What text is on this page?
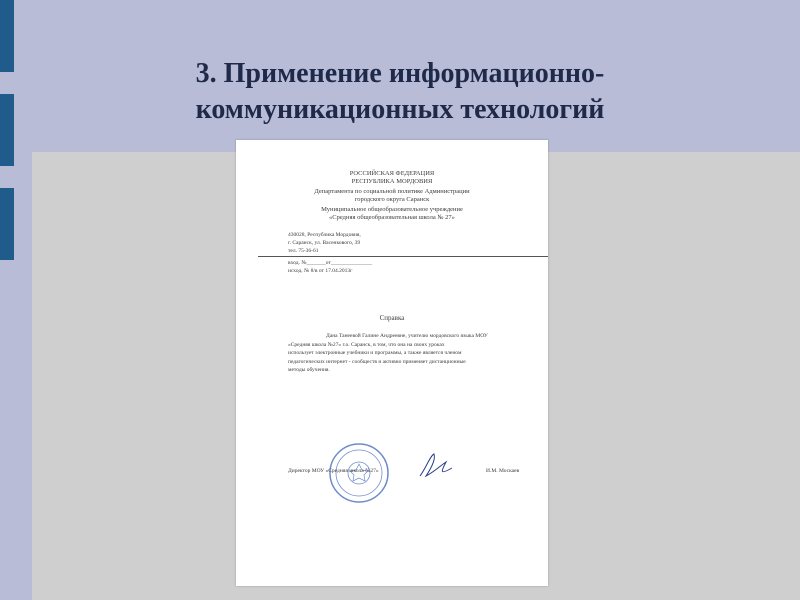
3. Применение информационно-
коммуникационных технологий
РОССИЙСКАЯ ФЕДЕРАЦИЯ
РЕСПУБЛИКА МОРДОВИЯ
Департамента по социальной политике Администрации
городского округа Саранск
Муниципальное общеобразовательное учреждение
«Средняя общеобразовательная школа № 27»
430028, Республика Мордовия,
г. Саранск, ул. Васенкового, 39
тел. 75-36-61
вход. №_______от_______________
исход. № 8/в от 17.04.2013г
Справка
Дана Танеевой Галине Андреевне, учителю мордовского языка МОУ
«Средняя школа №27» г.о. Саранск, в том, что она на своих уроках
использует электронные учебники и программы, а также является членом
педагогических интернет - сообществ и активно применяет дистанционные
методы обучения.
Директор МОУ «Средняя школа №27»	И.М. Москаев
